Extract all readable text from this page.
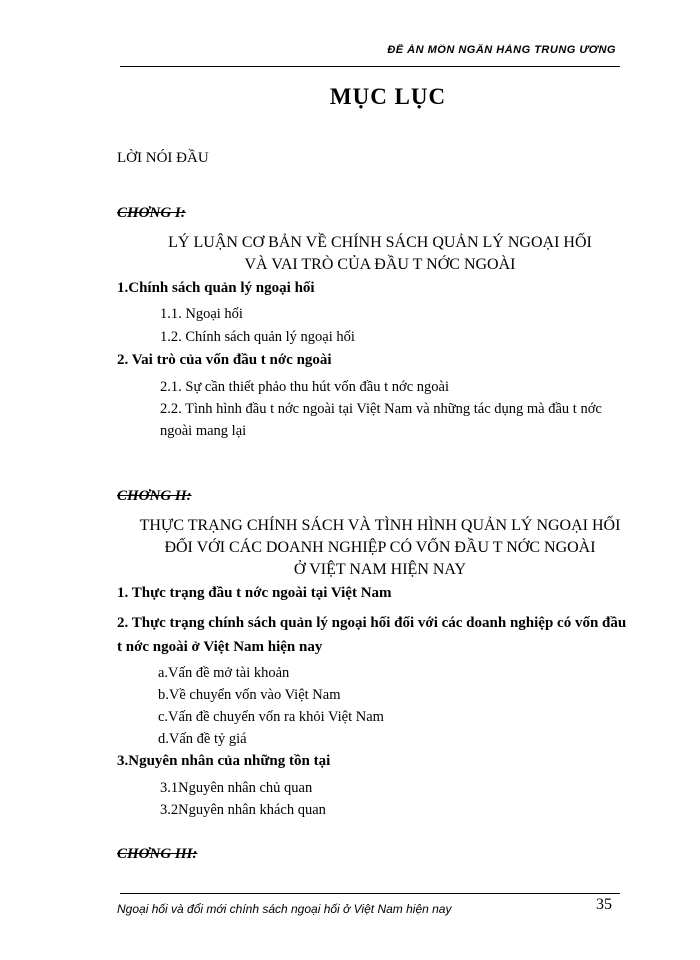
ĐỀ ÁN MÔN NGÂN HÀNG TRUNG ƯƠNG
MỤC LỤC
LỜI NÓI ĐẦU
CHƠNG I:
LÝ LUẬN CƠ BẢN VỀ CHÍNH SÁCH QUẢN LÝ NGOẠI HỐI
VÀ VAI TRÒ CỦA ĐẦU T NỚC NGOÀI
1.Chính sách quản lý ngoại hối
1.1. Ngoại hối
1.2. Chính sách quản lý ngoại hối
2. Vai trò của vốn đầu t nớc ngoài
2.1. Sự cần thiết phảo thu hút vốn đầu t nớc ngoài
2.2. Tình hình đầu t nớc ngoài tại Việt Nam và những tác dụng mà đầu t nớc ngoài mang lại
CHƠNG II:
THỰC TRẠNG CHÍNH SÁCH VÀ TÌNH HÌNH QUẢN LÝ NGOẠI HỐI
ĐỐI VỚI CÁC DOANH NGHIỆP CÓ VỐN ĐẦU T NỚC NGOÀI
Ở VIỆT NAM HIỆN NAY
1. Thực trạng đầu t nớc ngoài tại Việt Nam
2. Thực trạng chính sách quản lý ngoại hối đối với các doanh nghiệp có vốn đầu t nớc ngoài ở Việt Nam hiện nay
a.Vấn đề mở tài khoản
b.Về chuyển vốn vào Việt Nam
c.Vấn đề chuyển vốn ra khỏi Việt Nam
d.Vấn đề tỷ giá
3.Nguyên nhân của những tồn tại
3.1Nguyên nhân chủ quan
3.2Nguyên nhân khách quan
CHƠNG III:
Ngoại hối và đổi mới chính sách ngoại hối ở Việt Nam hiện nay	35
